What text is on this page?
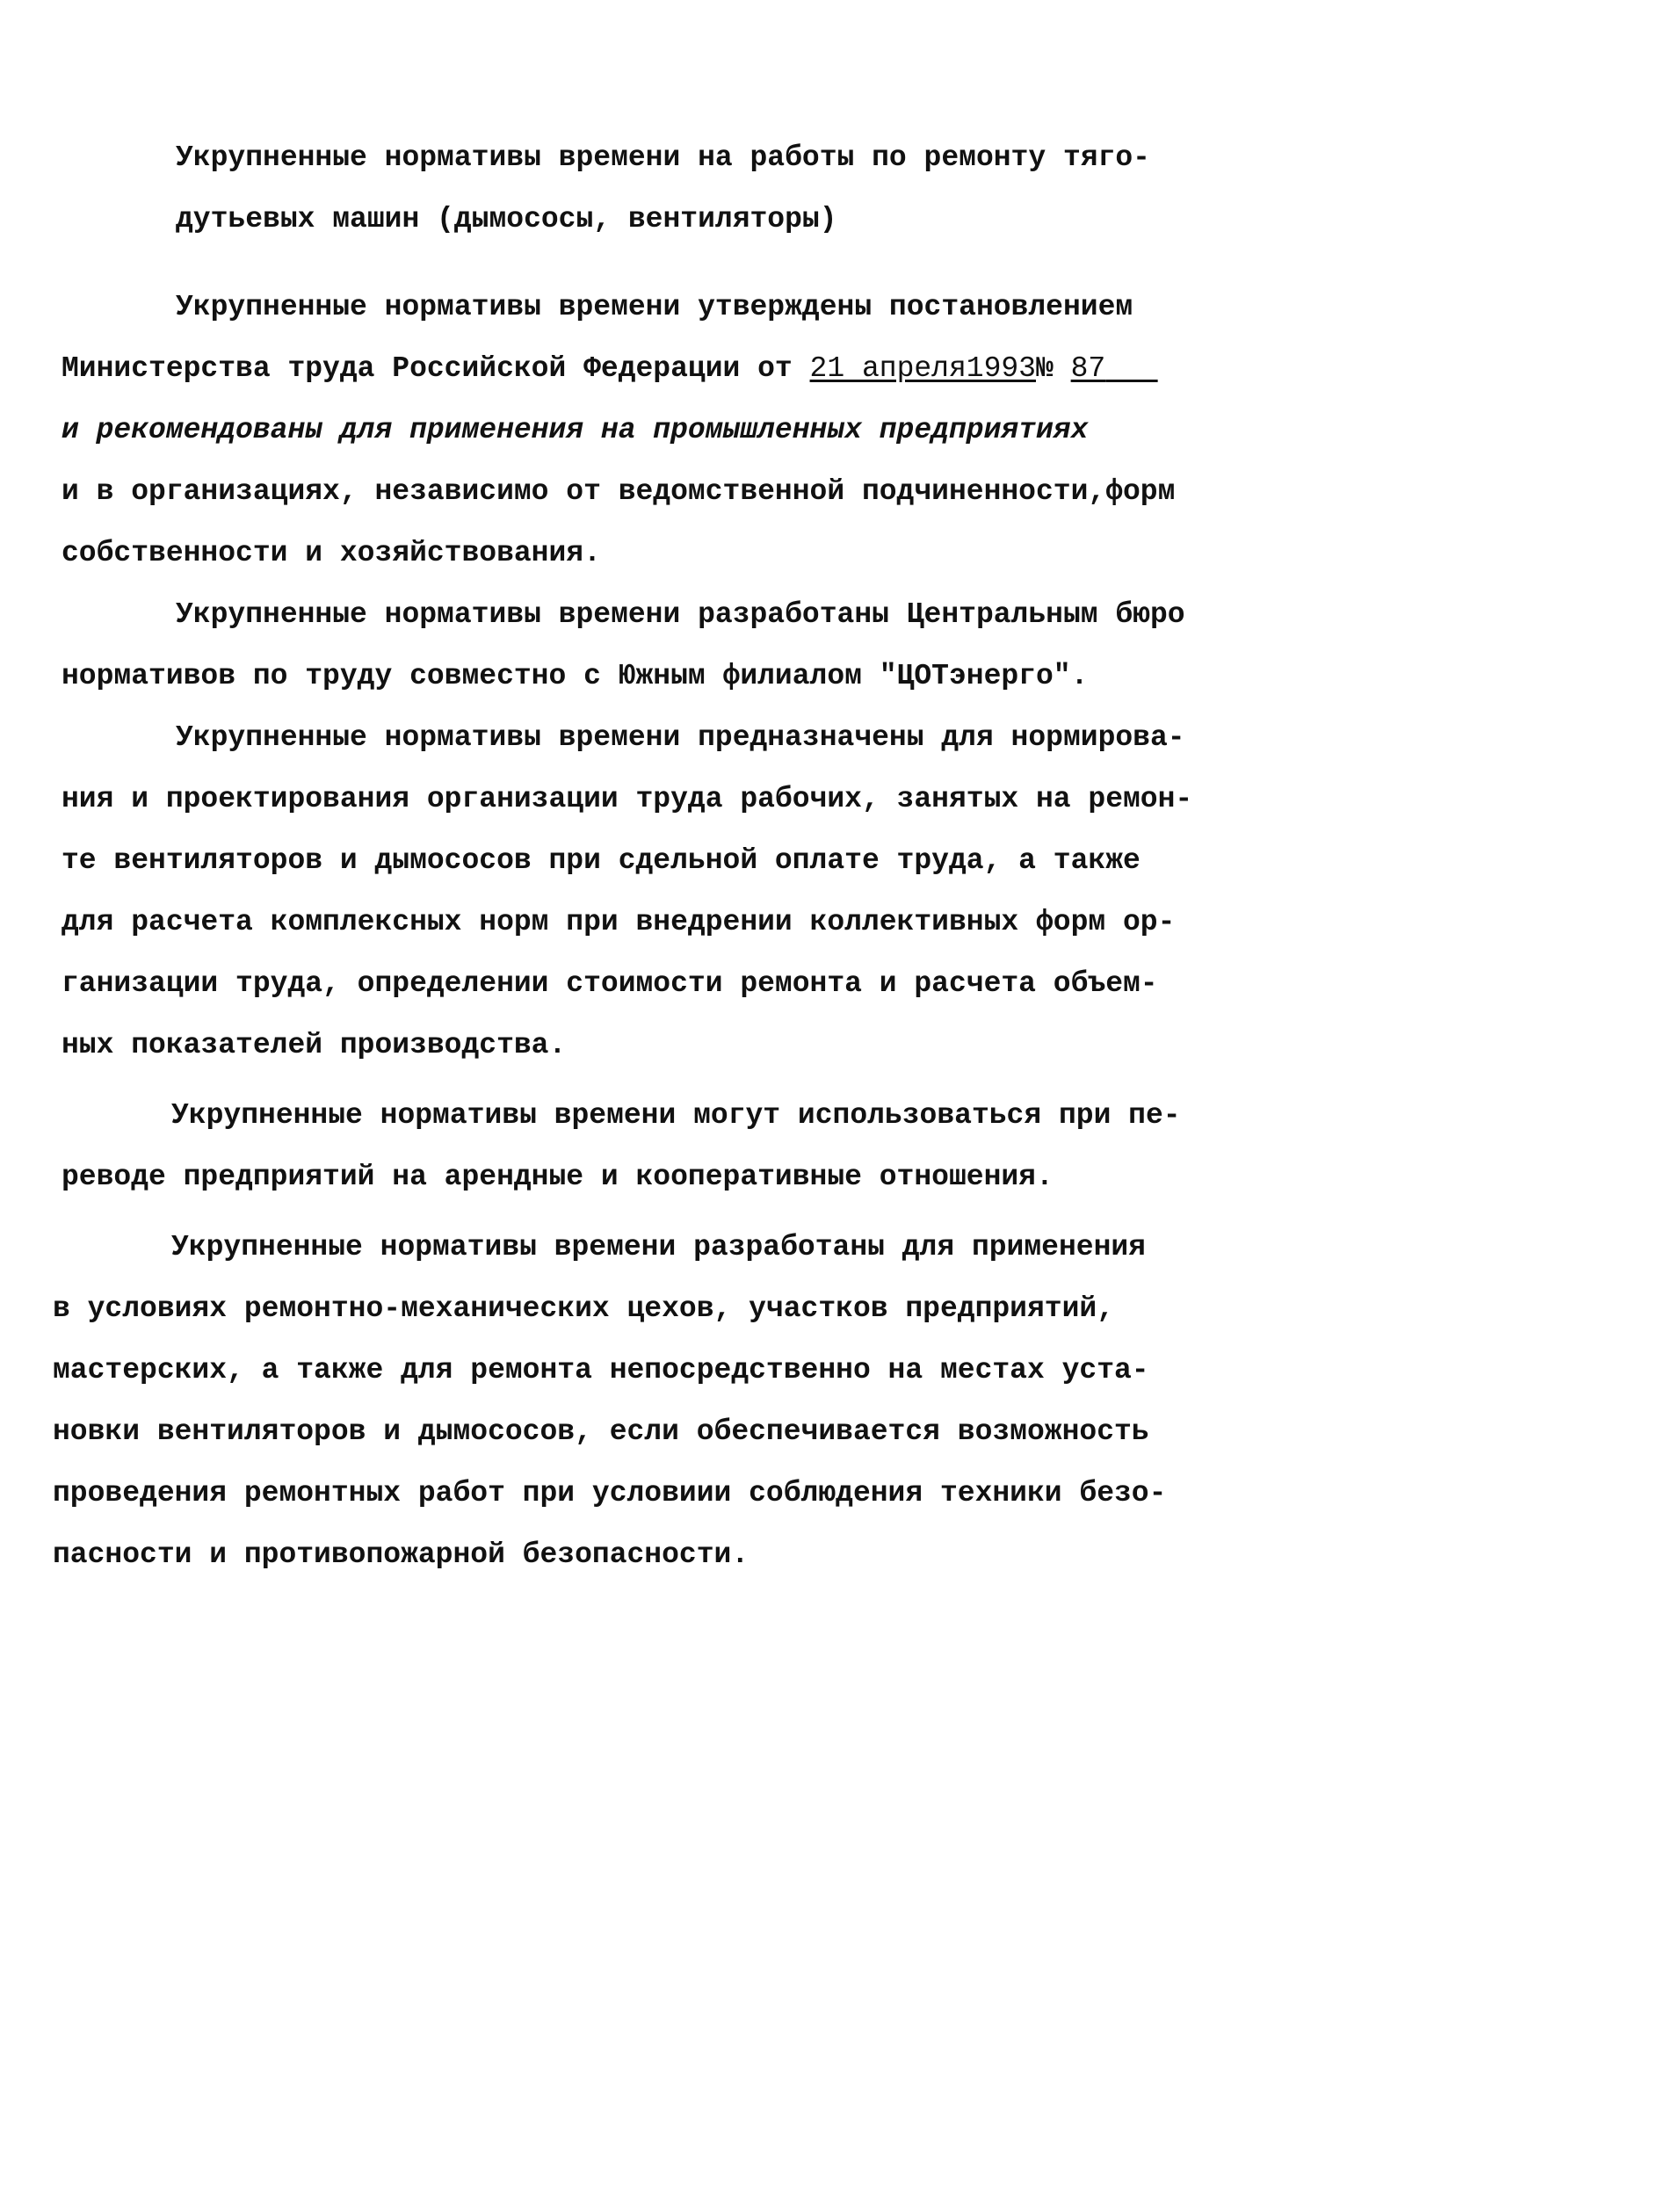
Укрупненные нормативы времени на работы по ремонту тяго-
дутьевых машин (дымососы, вентиляторы)
Укрупненные нормативы времени утверждены постановлением
Министерства труда Российской Федерации от 21 апреля1993№ 87
и рекомендованы для применения на промышленных предприятиях
и в организациях, независимо от ведомственной подчиненности,форм
собственности и хозяйствования.
Укрупненные нормативы времени разработаны Центральным бюро
нормативов по труду совместно с Южным филиалом "ЦОТэнерго".
Укрупненные нормативы времени предназначены для нормирова-
ния и проектирования организации труда рабочих, занятых на ремон-
те вентиляторов и дымососов при сдельной оплате труда, а также
для расчета комплексных норм при внедрении коллективных форм ор-
ганизации труда, определении стоимости ремонта и расчета объем-
ных показателей производства.
Укрупненные нормативы времени могут использоваться при пе-
реводе предприятий на арендные и кооперативные отношения.
Укрупненные нормативы времени разработаны для применения
в условиях ремонтно-механических цехов, участков предприятий,
мастерских, а также для ремонта непосредственно на местах уста-
новки вентиляторов и дымососов, если обеспечивается возможность
проведения ремонтных работ при условиии соблюдения техники безо-
пасности и противопожарной безопасности.
